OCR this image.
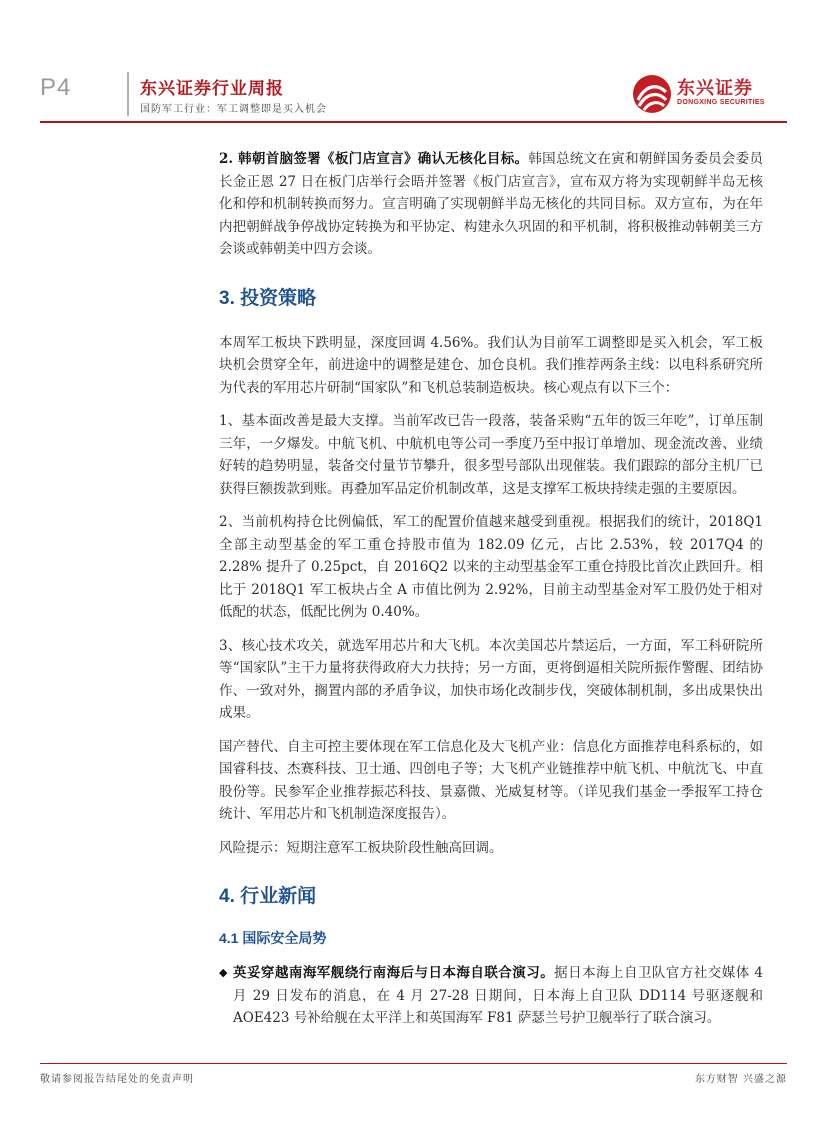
P4	东兴证券行业周报
国防军工行业：军工调整即是买入机会
东兴证券
DONGXING SECURITIES

2. 韩朝首脑签署《板门店宣言》确认无核化目标。韩国总统文在寅和朝鲜国务委员会委员长金正恩 27 日在板门店举行会晤并签署《板门店宣言》，宣布双方将为实现朝鲜半岛无核化和停和机制转换而努力。宣言明确了实现朝鲜半岛无核化的共同目标。双方宣布，为在年内把朝鲜战争停战协定转换为和平协定、构建永久巩固的和平机制，将积极推动韩朝美三方会谈或韩朝美中四方会谈。

3. 投资策略

本周军工板块下跌明显，深度回调 4.56%。我们认为目前军工调整即是买入机会，军工板块机会贯穿全年，前进途中的调整是建仓、加仓良机。我们推荐两条主线：以电科系研究所为代表的军用芯片研制“国家队”和飞机总装制造板块。核心观点有以下三个：

1、基本面改善是最大支撑。当前军改已告一段落，装备采购“五年的饭三年吃”，订单压制三年，一夕爆发。中航飞机、中航机电等公司一季度乃至中报订单增加、现金流改善、业绩好转的趋势明显，装备交付量节节攀升，很多型号部队出现催装。我们跟踪的部分主机厂已获得巨额拨款到账。再叠加军品定价机制改革，这是支撑军工板块持续走强的主要原因。

2、当前机构持仓比例偏低，军工的配置价值越来越受到重视。根据我们的统计，2018Q1 全部主动型基金的军工重仓持股市值为 182.09 亿元，占比 2.53%，较 2017Q4 的 2.28% 提升了 0.25pct，自 2016Q2 以来的主动型基金军工重仓持股比首次止跌回升。相比于 2018Q1 军工板块占全 A 市值比例为 2.92%，目前主动型基金对军工股仍处于相对低配的状态，低配比例为 0.40%。

3、核心技术攻关，就选军用芯片和大飞机。本次美国芯片禁运后，一方面，军工科研院所等“国家队”主干力量将获得政府大力扶持；另一方面，更将倒逼相关院所振作警醒、团结协作、一致对外，搁置内部的矛盾争议，加快市场化改制步伐，突破体制机制，多出成果快出成果。

国产替代、自主可控主要体现在军工信息化及大飞机产业：信息化方面推荐电科系标的，如国睿科技、杰赛科技、卫士通、四创电子等；大飞机产业链推荐中航飞机、中航沈飞、中直股份等。民参军企业推荐振芯科技、景嘉微、光威复材等。（详见我们基金一季报军工持仓统计、军用芯片和飞机制造深度报告）。

风险提示：短期注意军工板块阶段性触高回调。

4. 行业新闻
4.1 国际安全局势
◆ 英妥穿越南海军舰绕行南海后与日本海自联合演习。据日本海上自卫队官方社交媒体 4 月 29 日发布的消息，在 4 月 27-28 日期间，日本海上自卫队 DD114 号驱逐舰和 AOE423 号补给舰在太平洋上和英国海军 F81 萨瑟兰号护卫舰举行了联合演习。

敬请参阅报告结尾处的免责声明	东方财智 兴盛之源
